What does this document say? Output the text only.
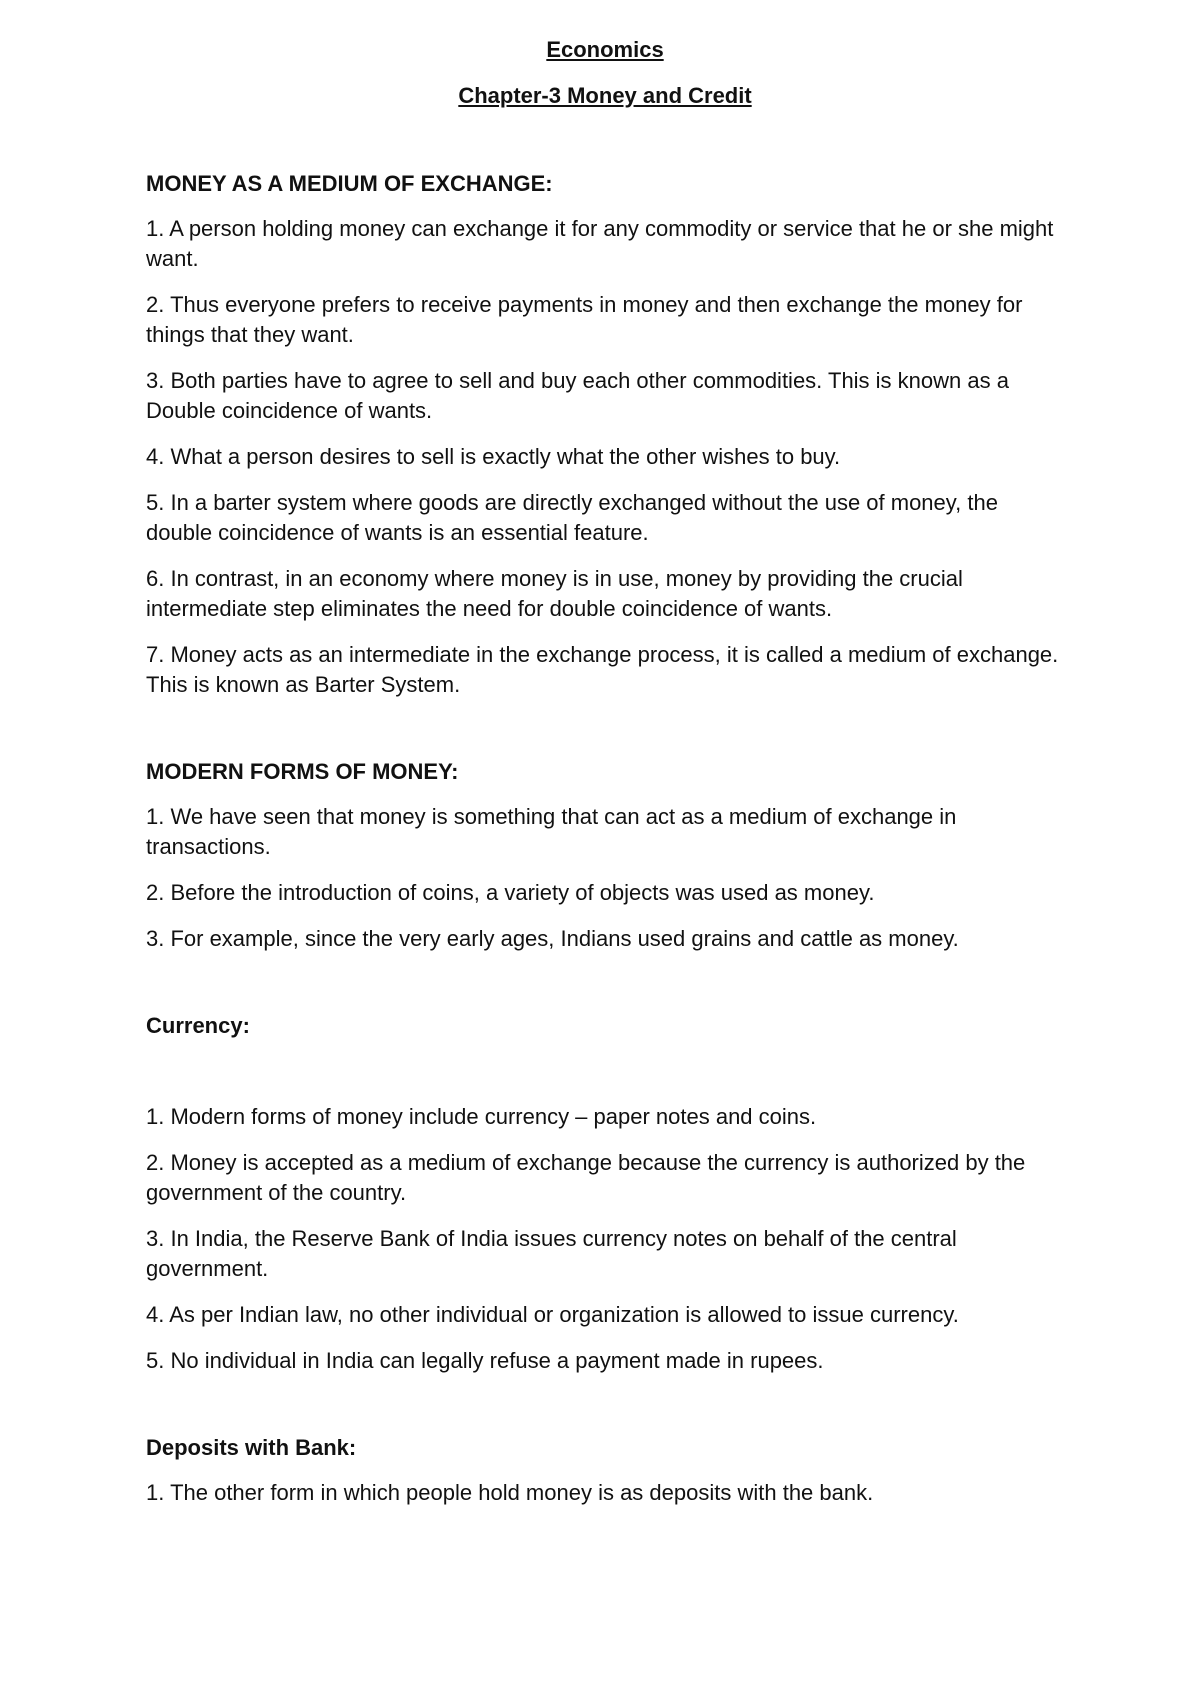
Economics
Chapter-3 Money and Credit
MONEY AS A MEDIUM OF EXCHANGE:
1. A person holding money can exchange it for any commodity or service that he or she might want.
2. Thus everyone prefers to receive payments in money and then exchange the money for things that they want.
3. Both parties have to agree to sell and buy each other commodities. This is known as a Double coincidence of wants.
4. What a person desires to sell is exactly what the other wishes to buy.
5. In a barter system where goods are directly exchanged without the use of money, the double coincidence of wants is an essential feature.
6. In contrast, in an economy where money is in use, money by providing the crucial intermediate step eliminates the need for double coincidence of wants.
7. Money acts as an intermediate in the exchange process, it is called a medium of exchange. This is known as Barter System.
MODERN FORMS OF MONEY:
1. We have seen that money is something that can act as a medium of exchange in transactions.
2. Before the introduction of coins, a variety of objects was used as money.
3. For example, since the very early ages, Indians used grains and cattle as money.
Currency:
1. Modern forms of money include currency – paper notes and coins.
2. Money is accepted as a medium of exchange because the currency is authorized by the government of the country.
3. In India, the Reserve Bank of India issues currency notes on behalf of the central government.
4. As per Indian law, no other individual or organization is allowed to issue currency.
5. No individual in India can legally refuse a payment made in rupees.
Deposits with Bank:
1. The other form in which people hold money is as deposits with the bank.
